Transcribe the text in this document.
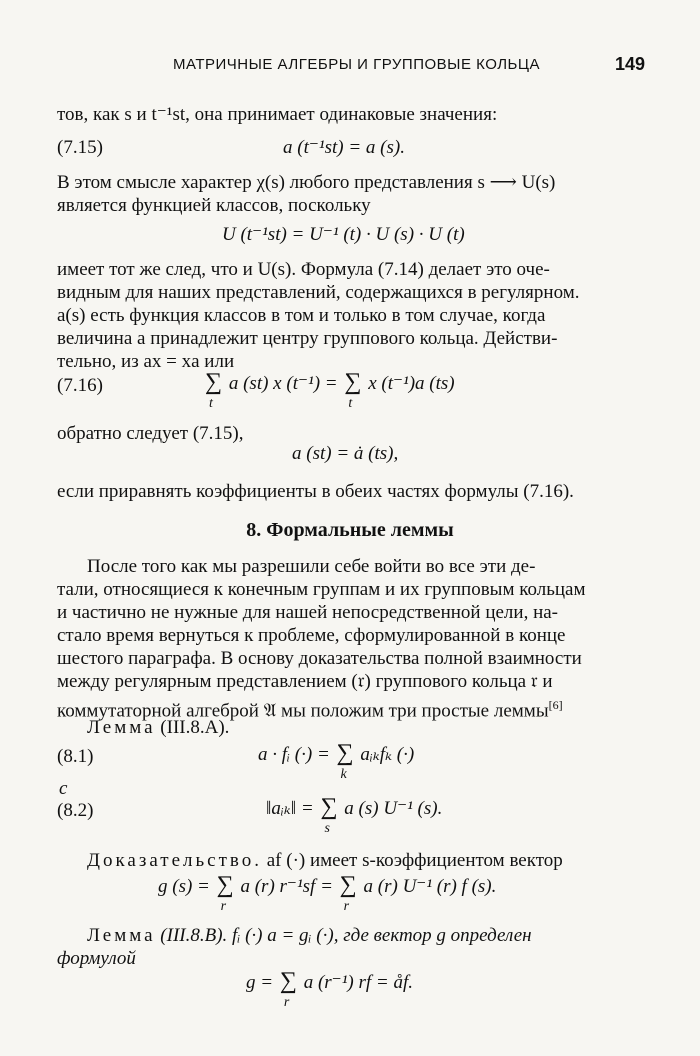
МАТРИЧНЫЕ АЛГЕБРЫ И ГРУППОВЫЕ КОЛЬЦА	149
тов, как s и t⁻¹st, она принимает одинаковые значения:
(7.15)	a (t⁻¹st) = a (s).
В этом смысле характер χ(s) любого представления s ⟶ U(s)
является функцией классов, поскольку
U (t⁻¹st) = U⁻¹ (t) · U (s) · U (t)
имеет тот же след, что и U(s). Формула (7.14) делает это оче-
видным для наших представлений, содержащихся в регулярном.
a(s) есть функция классов в том и только в том случае, когда
величина a принадлежит центру группового кольца. Действи-
тельно, из ax = xa или
(7.16)	∑
t
a (st) x (t⁻¹) = ∑
t
x (t⁻¹)a (ts)
обратно следует (7.15),
a (st) = ȧ (ts),
если приравнять коэффициенты в обеих частях формулы (7.16).
8. Формальные леммы
После того как мы разрешили себе войти во все эти де-
тали, относящиеся к конечным группам и их групповым кольцам
и частично не нужные для нашей непосредственной цели, на-
стало время вернуться к проблеме, сформулированной в конце
шестого параграфа. В основу доказательства полной взаимности
между регулярным представлением (𝔯) группового кольца 𝔯 и
коммутаторной алгеброй 𝔄 мы положим три простые леммы[6]
Лемма (III.8.A).
(8.1)	a · fᵢ (·) = ∑
k
aᵢₖfₖ (·)
c
(8.2)	‖aᵢₖ‖ = ∑
s
a (s) U⁻¹ (s).
Доказательство. af (·) имеет s-коэффициентом вектор
g (s) = ∑
r
a (r) r⁻¹sf = ∑
r
a (r) U⁻¹ (r) f (s).
Лемма (III.8.B). fᵢ (·) a = gᵢ (·), где вектор g определен
формулой
g = ∑
r
a (r⁻¹) rf = åf.
